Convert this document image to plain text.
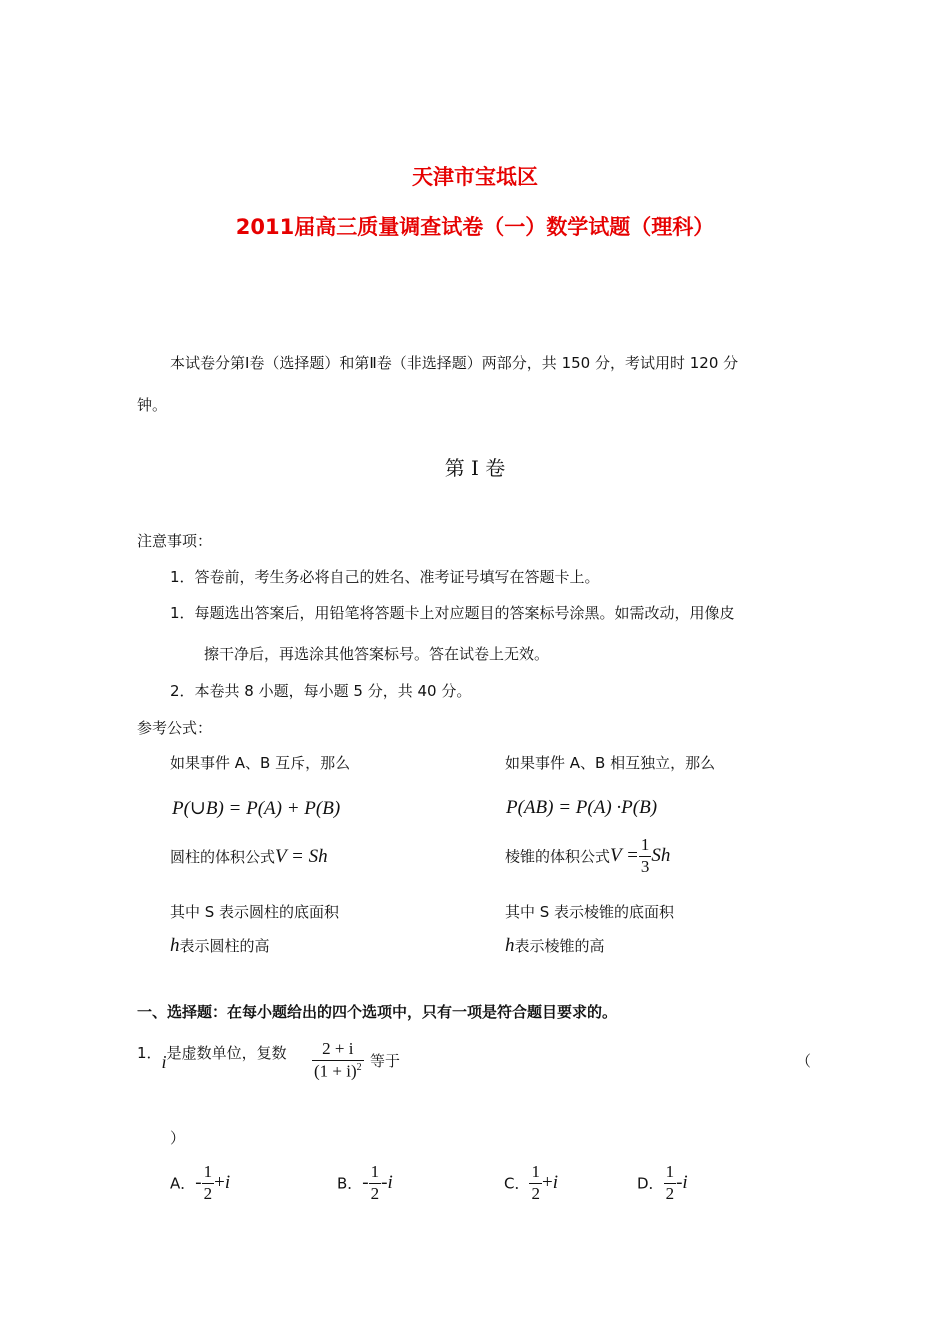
天津市宝坻区
2011届高三质量调查试卷（一）数学试题（理科）
本试卷分第Ⅰ卷（选择题）和第Ⅱ卷（非选择题）两部分，共 150 分，考试用时 120 分
钟。
第 Ⅰ 卷
注意事项：
1．答卷前，考生务必将自己的姓名、准考证号填写在答题卡上。
1．每题选出答案后，用铅笔将答题卡上对应题目的答案标号涂黑。如需改动，用像皮
擦干净后，再选涂其他答案标号。答在试卷上无效。
2．本卷共 8 小题，每小题 5 分，共 40 分。
参考公式：
如果事件 A、B 互斥，那么	如果事件 A、B 相互独立，那么
P(∪B) = P(A) + P(B)	P(AB) = P(A) ·P(B)
圆柱的体积公式V = Sh	棱锥的体积公式$V = \frac{1}{3}$ Sh
其中 S 表示圆柱的底面积	其中 S 表示棱锥的底面积
h表示圆柱的高	h表示棱锥的高
一、选择题：在每小题给出的四个选项中，只有一项是符合题目要求的。
1．i是虚数单位，复数 $\frac{2 + i}{(1 + i)^2}$ 等于	（
）
A．- $\frac{1}{2} +i$	B．- $\frac{1}{2} -i$	C． $\frac{1}{2} +i$	D． $\frac{1}{2} -i$
